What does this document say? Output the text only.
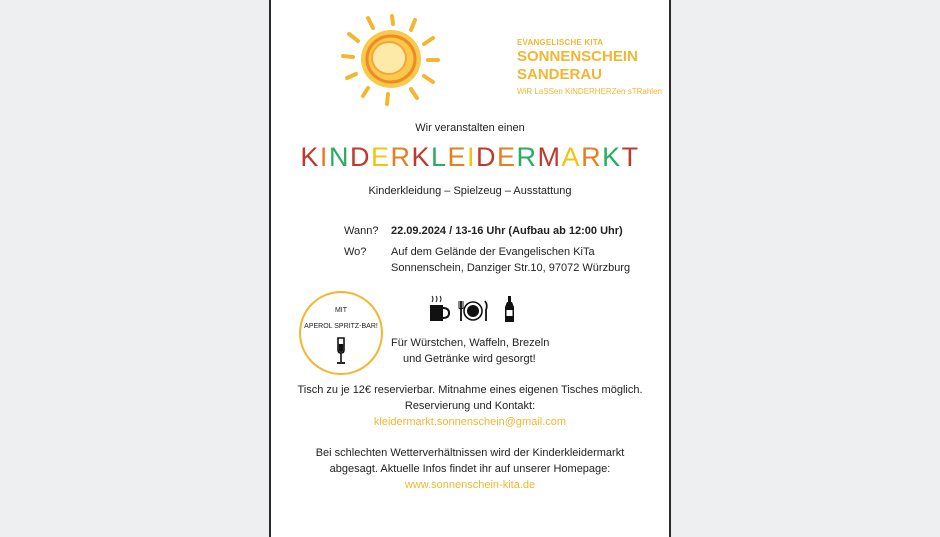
EVANGELISCHE KITA
SONNENSCHEIN
SANDERAU
WiR LaSSen KiNDERHERZen sTRahlen
Wir veranstalten einen
KINDERKLEIDERMARKT
Kinderkleidung – Spielzeug – Ausstattung
Wann? 22.09.2024 / 13-16 Uhr (Aufbau ab 12:00 Uhr)
Wo? Auf dem Gelände der Evangelischen KiTa
Sonnenschein, Danziger Str.10, 97072 Würzburg
MIT
APEROL SPRITZ-BAR!
Für Würstchen, Waffeln, Brezeln
und Getränke wird gesorgt!
Tisch zu je 12€ reservierbar. Mitnahme eines eigenen Tisches möglich.
Reservierung und Kontakt:
kleidermarkt.sonnenschein@gmail.com
Bei schlechten Wetterverhältnissen wird der Kinderkleidermarkt
abgesagt. Aktuelle Infos findet ihr auf unserer Homepage:
www.sonnenschein-kita.de
